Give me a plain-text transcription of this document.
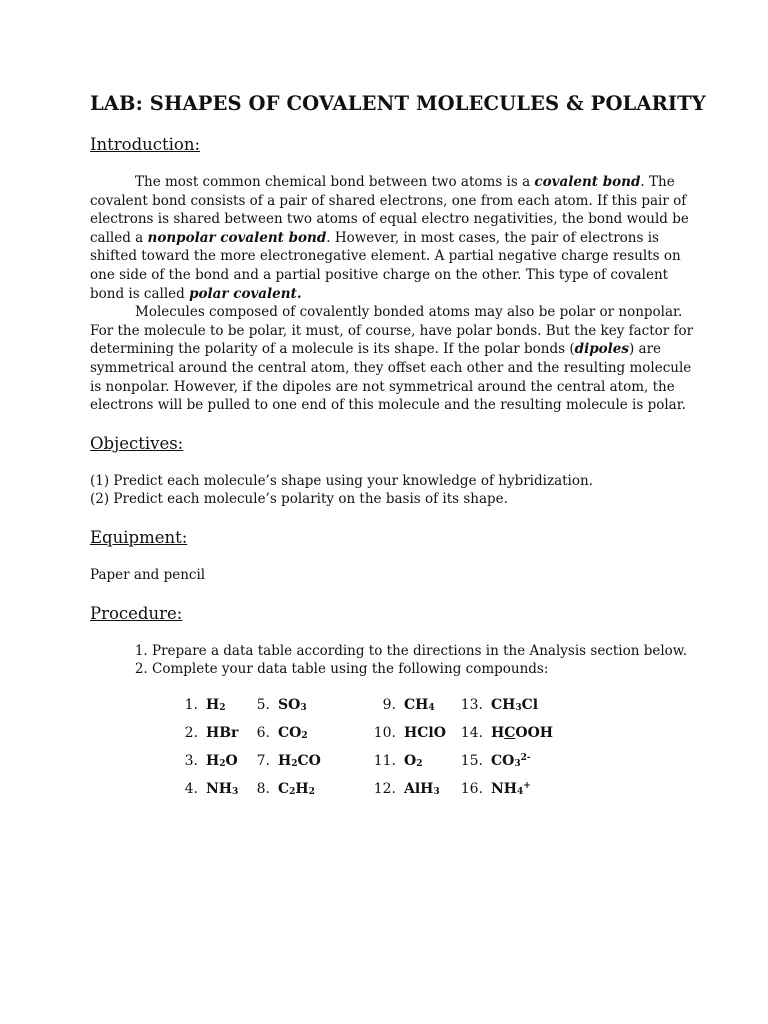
LAB: SHAPES OF COVALENT MOLECULES & POLARITY
Introduction:

The most common chemical bond between two atoms is a covalent bond. The covalent bond consists of a pair of shared electrons, one from each atom. If this pair of electrons is shared between two atoms of equal electro negativities, the bond would be called a nonpolar covalent bond. However, in most cases, the pair of electrons is shifted toward the more electronegative element. A partial negative charge results on one side of the bond and a partial positive charge on the other. This type of covalent bond is called polar covalent.

Molecules composed of covalently bonded atoms may also be polar or nonpolar. For the molecule to be polar, it must, of course, have polar bonds. But the key factor for determining the polarity of a molecule is its shape. If the polar bonds (dipoles) are symmetrical around the central atom, they offset each other and the resulting molecule is nonpolar. However, if the dipoles are not symmetrical around the central atom, the electrons will be pulled to one end of this molecule and the resulting molecule is polar.

Objectives:
(1) Predict each molecule’s shape using your knowledge of hybridization.
(2) Predict each molecule’s polarity on the basis of its shape.
Equipment:
Paper and pencil
Procedure:
1. Prepare a data table according to the directions in the Analysis section below.
2. Complete your data table using the following compounds:
1. $H_2$	5. $SO_3$	9. $CH_4$	13. $CH_3Cl$
2. HBr	6. $CO_2$	10. HClO	14. HCOOH
3. $H_2O$	7. $H_2CO$	11. $O_2$	15. $CO_3^{2-}$
4. $NH_3$	8. $C_2H_2$	12. AlH$_3$	16. $NH_4^+$
